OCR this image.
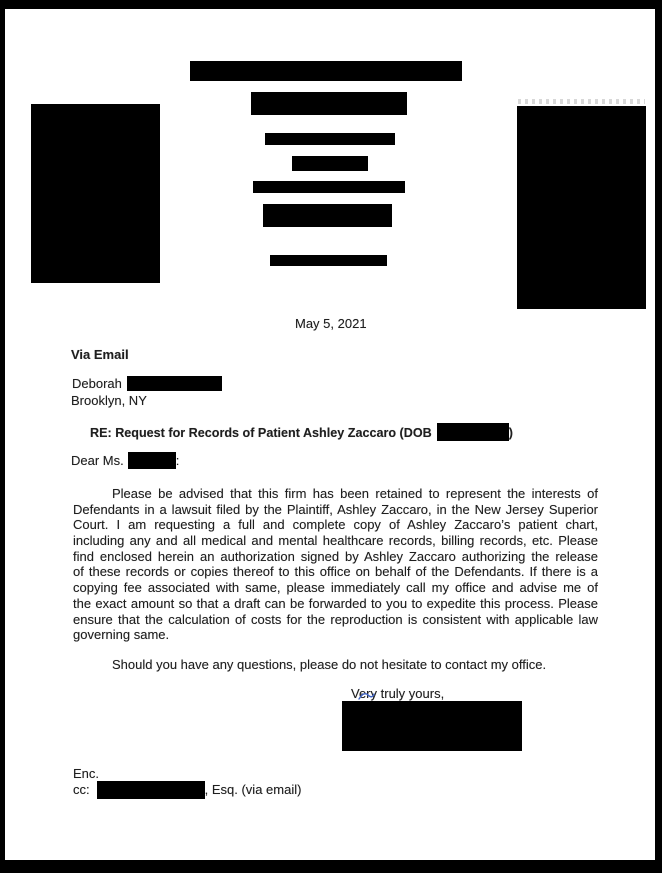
May 5, 2021
Via Email
Deborah
Brooklyn, NY
RE: Request for Records of Patient Ashley Zaccaro (DOB	)
Dear Ms.	:
Please be advised that this firm has been retained to represent the interests of
Defendants in a lawsuit filed by the Plaintiff, Ashley Zaccaro, in the New Jersey Superior
Court. I am requesting a full and complete copy of Ashley Zaccaro’s patient chart,
including any and all medical and mental healthcare records, billing records, etc. Please
find enclosed herein an authorization signed by Ashley Zaccaro authorizing the release
of these records or copies thereof to this office on behalf of the Defendants. If there is a
copying fee associated with same, please immediately call my office and advise me of
the exact amount so that a draft can be forwarded to you to expedite this process. Please
ensure that the calculation of costs for the reproduction is consistent with applicable law
governing same.
Should you have any questions, please do not hesitate to contact my office.
Very truly yours,
Enc.
cc:	, Esq. (via email)
